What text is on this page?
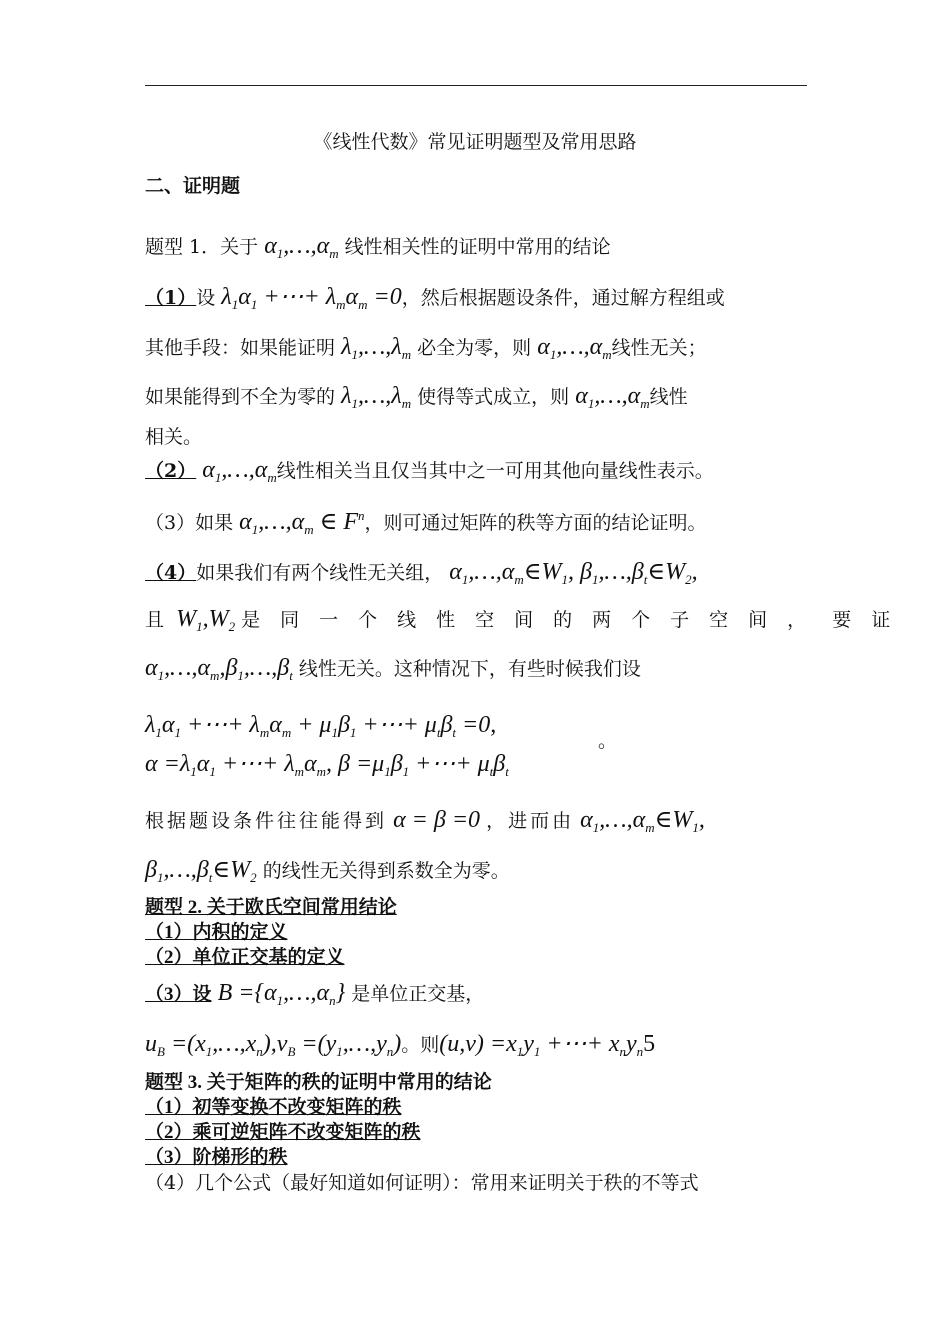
《线性代数》常见证明题型及常用思路
二、证明题
题型 1．关于 $\alpha_1,\dots,\alpha_m$ 线性相关性的证明中常用的结论
（1）设 $\lambda_1\alpha_1$ +⋯+ $\lambda_m\alpha_m =0$，然后根据题设条件，通过解方程组或
其他手段：如果能证明 $\lambda_1,\dots,\lambda_m$ 必全为零，则 $\alpha_1,\dots,\alpha_m$线性无关；
如果能得到不全为零的 $\lambda_1,\dots,\lambda_m$ 使得等式成立，则 $\alpha_1,\dots,\alpha_m$线性
相关。
（2） $\alpha_1,\dots,\alpha_m$线性相关当且仅当其中之一可用其他向量线性表示。
（3）如果 $\alpha_1,\dots,\alpha_m$ ∈ $F^n$，则可通过矩阵的秩等方面的结论证明。
（4）如果我们有两个线性无关组， $\alpha_1,\dots,\alpha_m\in W_1$, $\beta_1,\dots,\beta_t\in W_2$,
且 $W_1,W_2$ 是同一个线性空间的两个子空间， 要证
$\alpha_1,\dots,\alpha_m,\beta_1,\dots,\beta_t$ 线性无关。这种情况下，有些时候我们设
$\lambda_1\alpha_1$ +⋯+ $\lambda_m\alpha_m + \mu_1\beta_1$ +⋯+ $\mu_t\beta_t =0$,
$\alpha =\lambda_1\alpha_1$ +⋯+ $\lambda_m\alpha_m$, $\beta =\mu_1\beta_1$ +⋯+ $\mu_t\beta_t$
。
根据题设条件往往能得到 α = β =0 ，进而由 $\alpha_1,\dots,\alpha_m\in W_1$,
$\beta_1,\dots,\beta_t\in W_2$ 的线性无关得到系数全为零。
题型 2. 关于欧氏空间常用结论
（1）内积的定义
（2）单位正交基的定义
（3）设 $B =\{\alpha_1,\dots,\alpha_n\}$ 是单位正交基，
$u_B$ $=(x_1,\dots,x_n),v_B$ $=(y_1,\dots,y_n)$。则$(u,v) =x_1y_1$ +⋯+ $x_ny_n5$
题型 3. 关于矩阵的秩的证明中常用的结论
（1）初等变换不改变矩阵的秩
（2）乘可逆矩阵不改变矩阵的秩
（3）阶梯形的秩
（4）几个公式（最好知道如何证明）：常用来证明关于秩的不等式
